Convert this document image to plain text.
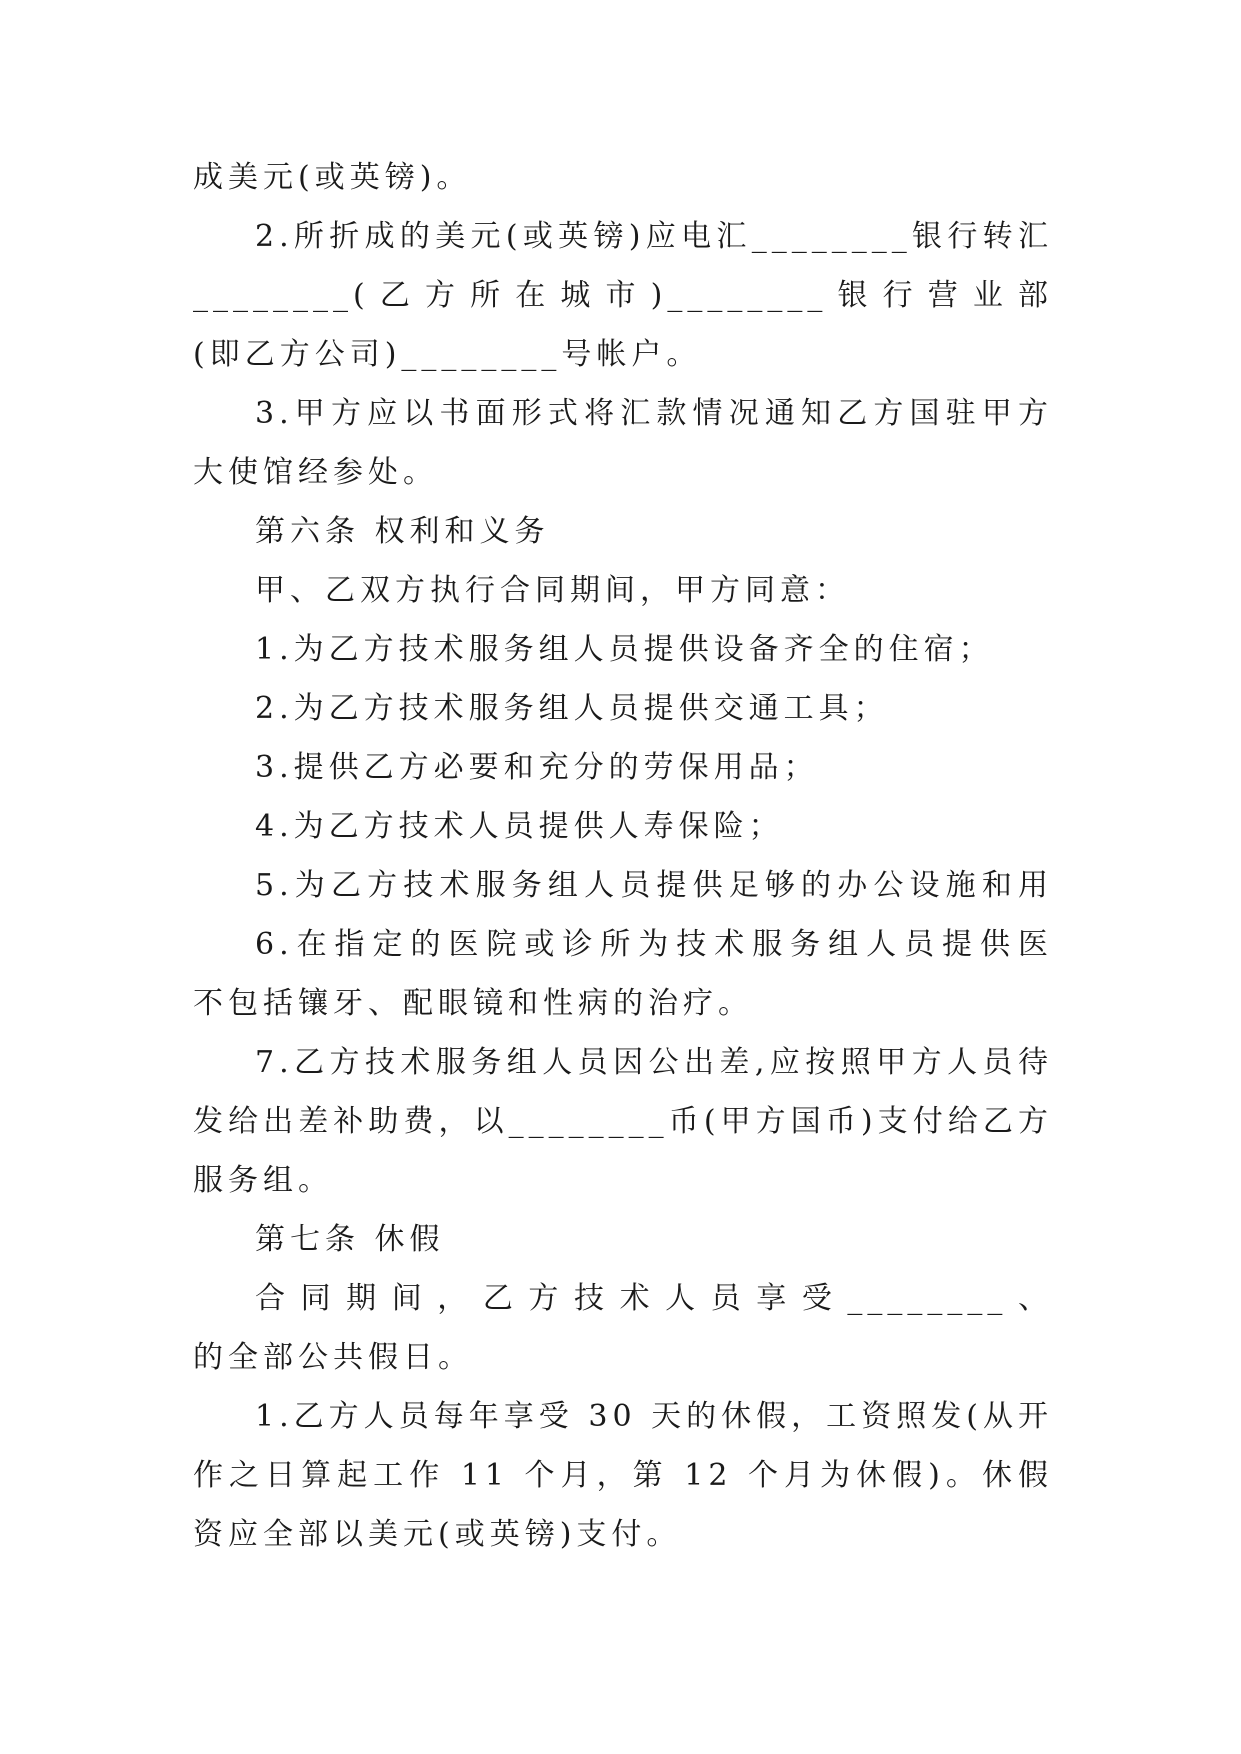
成美元(或英镑)。
2.所折成的美元(或英镑)应电汇________银行转汇
________(乙方所在城市)________银行营业部
(即乙方公司)________号帐户。
3.甲方应以书面形式将汇款情况通知乙方国驻甲方
大使馆经参处。
第六条 权利和义务
甲、乙双方执行合同期间，甲方同意：
1.为乙方技术服务组人员提供设备齐全的住宿；
2.为乙方技术服务组人员提供交通工具；
3.提供乙方必要和充分的劳保用品；
4.为乙方技术人员提供人寿保险；
5.为乙方技术服务组人员提供足够的办公设施和用
6.在指定的医院或诊所为技术服务组人员提供医
不包括镶牙、配眼镜和性病的治疗。
7.乙方技术服务组人员因公出差,应按照甲方人员待
发给出差补助费，以________币(甲方国币)支付给乙方
服务组。
第七条 休假
合同期间，乙方技术人员享受________、
的全部公共假日。
1.乙方人员每年享受 30 天的休假，工资照发(从开
作之日算起工作 11 个月，第 12 个月为休假)。休假
资应全部以美元(或英镑)支付。
